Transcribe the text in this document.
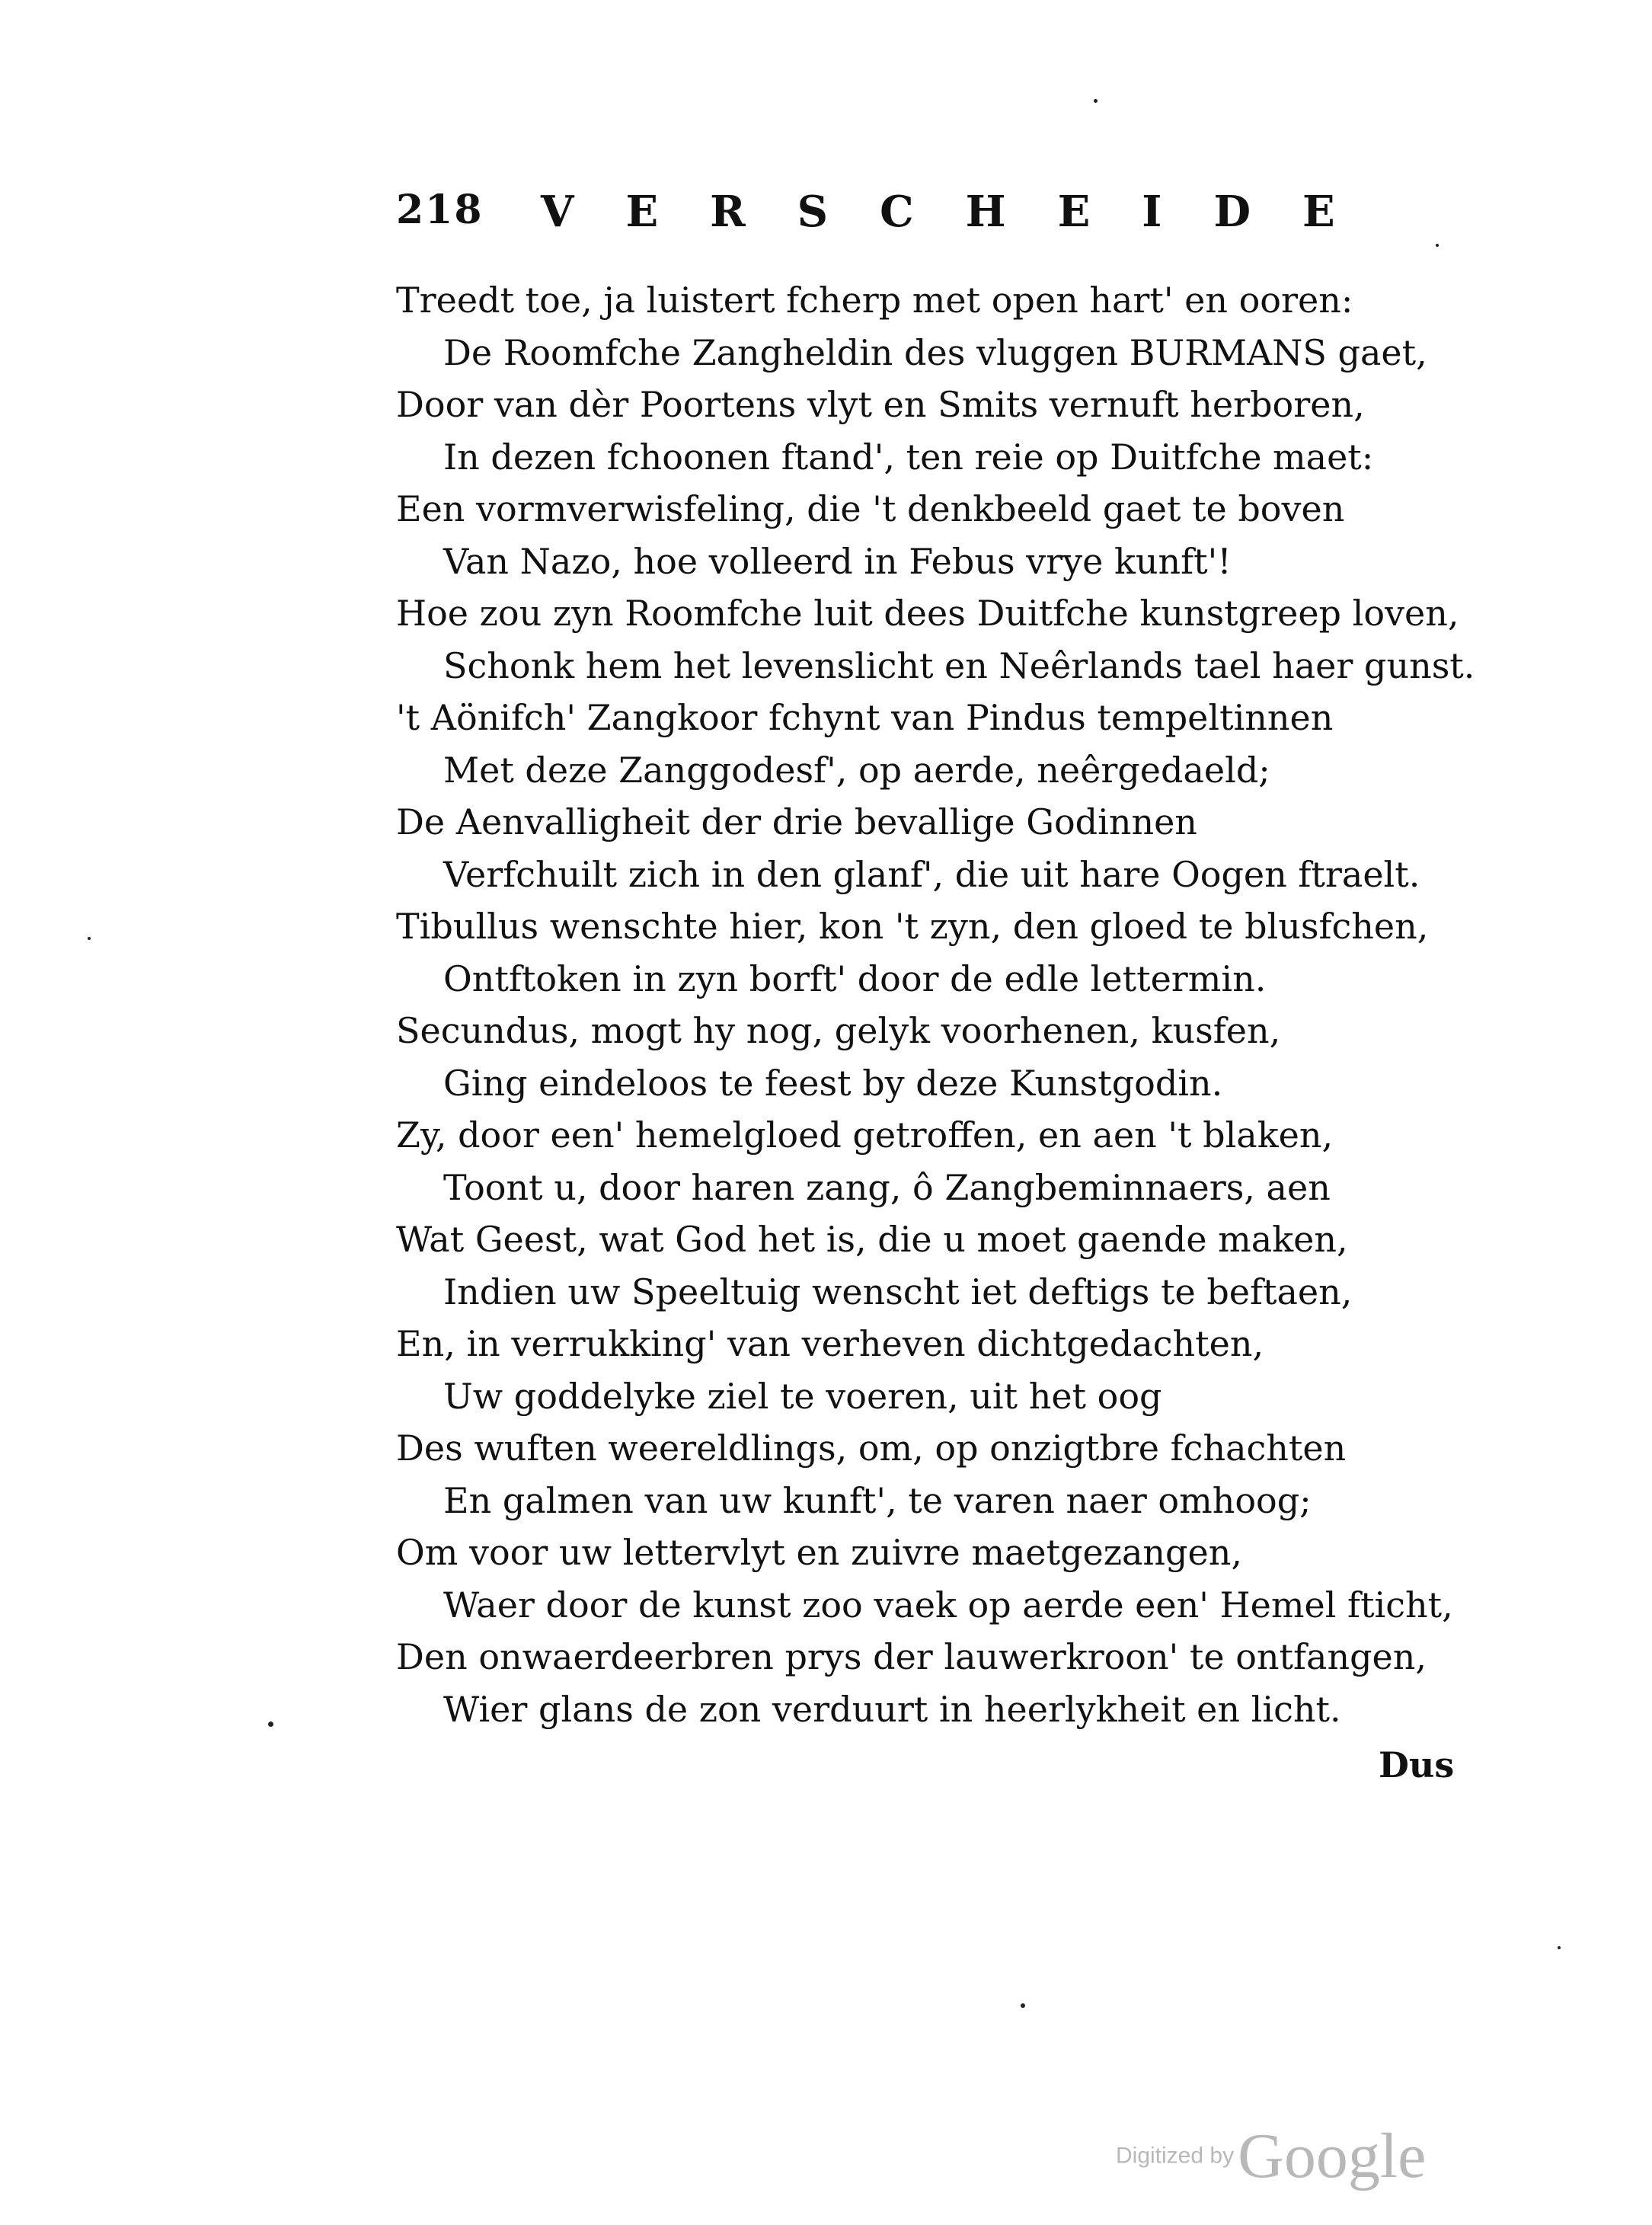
218 VERSCHEIDE
Treedt toe, ja luistert fcherp met open hart' en ooren:
De Roomfche Zangheldin des vluggen BURMANS gaet,
Door van dèr Poortens vlyt en Smits vernuft herboren,
In dezen fchoonen ftand', ten reie op Duitfche maet:
Een vormverwisfeling, die 't denkbeeld gaet te boven
Van Nazo, hoe volleerd in Febus vrye kunft'!
Hoe zou zyn Roomfche luit dees Duitfche kunstgreep loven,
Schonk hem het levenslicht en Neêrlands tael haer gunst.
't Aönifch' Zangkoor fchynt van Pindus tempeltinnen
Met deze Zanggodesf', op aerde, neêrgedaeld;
De Aenvalligheit der drie bevallige Godinnen
Verfchuilt zich in den glanf', die uit hare Oogen ftraelt.
Tibullus wenschte hier, kon 't zyn, den gloed te blusfchen,
Ontftoken in zyn borft' door de edle lettermin.
Secundus, mogt hy nog, gelyk voorhenen, kusfen,
Ging eindeloos te feest by deze Kunstgodin.
Zy, door een' hemelgloed getroffen, en aen 't blaken,
Toont u, door haren zang, ô Zangbeminnaers, aen
Wat Geest, wat God het is, die u moet gaende maken,
Indien uw Speeltuig wenscht iet deftigs te beftaen,
En, in verrukking' van verheven dichtgedachten,
Uw goddelyke ziel te voeren, uit het oog
Des wuften weereldlings, om, op onzigtbre fchachten
En galmen van uw kunft', te varen naer omhoog;
Om voor uw lettervlyt en zuivre maetgezangen,
Waer door de kunst zoo vaek op aerde een' Hemel fticht,
Den onwaerdeerbren prys der lauwerkroon' te ontfangen,
Wier glans de zon verduurt in heerlykheit en licht.
Dus
Digitized by Google
